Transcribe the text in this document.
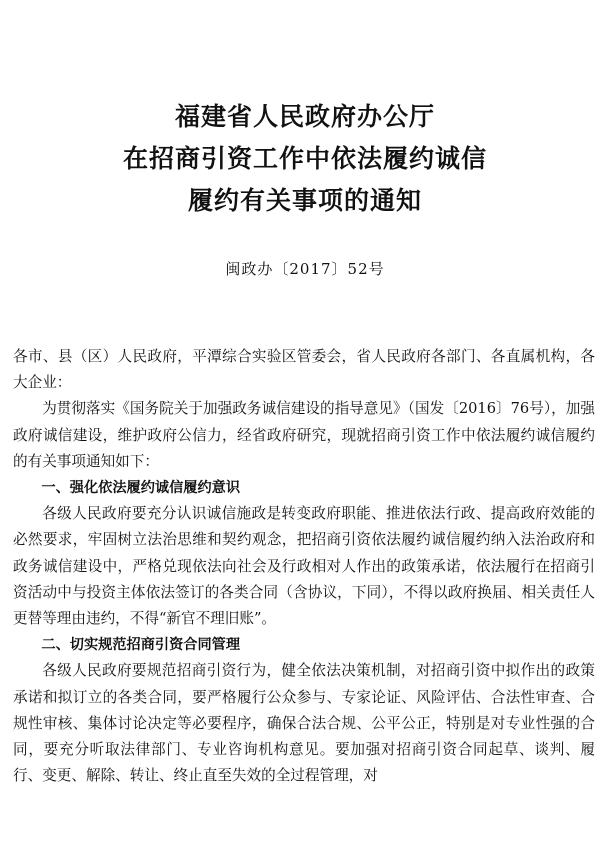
福建省人民政府办公厅
在招商引资工作中依法履约诚信
履约有关事项的通知
闽政办〔2017〕52号

各市、县（区）人民政府，平潭综合实验区管委会，省人民政府各部门、各直属机构，各大企业：

为贯彻落实《国务院关于加强政务诚信建设的指导意见》（国发〔2016〕76号），加强政府诚信建设，维护政府公信力，经省政府研究，现就招商引资工作中依法履约诚信履约的有关事项通知如下：

一、强化依法履约诚信履约意识

各级人民政府要充分认识诚信施政是转变政府职能、推进依法行政、提高政府效能的必然要求，牢固树立法治思维和契约观念，把招商引资依法履约诚信履约纳入法治政府和政务诚信建设中，严格兑现依法向社会及行政相对人作出的政策承诺，依法履行在招商引资活动中与投资主体依法签订的各类合同（含协议，下同），不得以政府换届、相关责任人更替等理由违约，不得“新官不理旧账”。

二、切实规范招商引资合同管理

各级人民政府要规范招商引资行为，健全依法决策机制，对招商引资中拟作出的政策承诺和拟订立的各类合同，要严格履行公众参与、专家论证、风险评估、合法性审查、合规性审核、集体讨论决定等必要程序，确保合法合规、公平公正，特别是对专业性强的合同，要充分听取法律部门、专业咨询机构意见。要加强对招商引资合同起草、谈判、履行、变更、解除、转让、终止直至失效的全过程管理，对
